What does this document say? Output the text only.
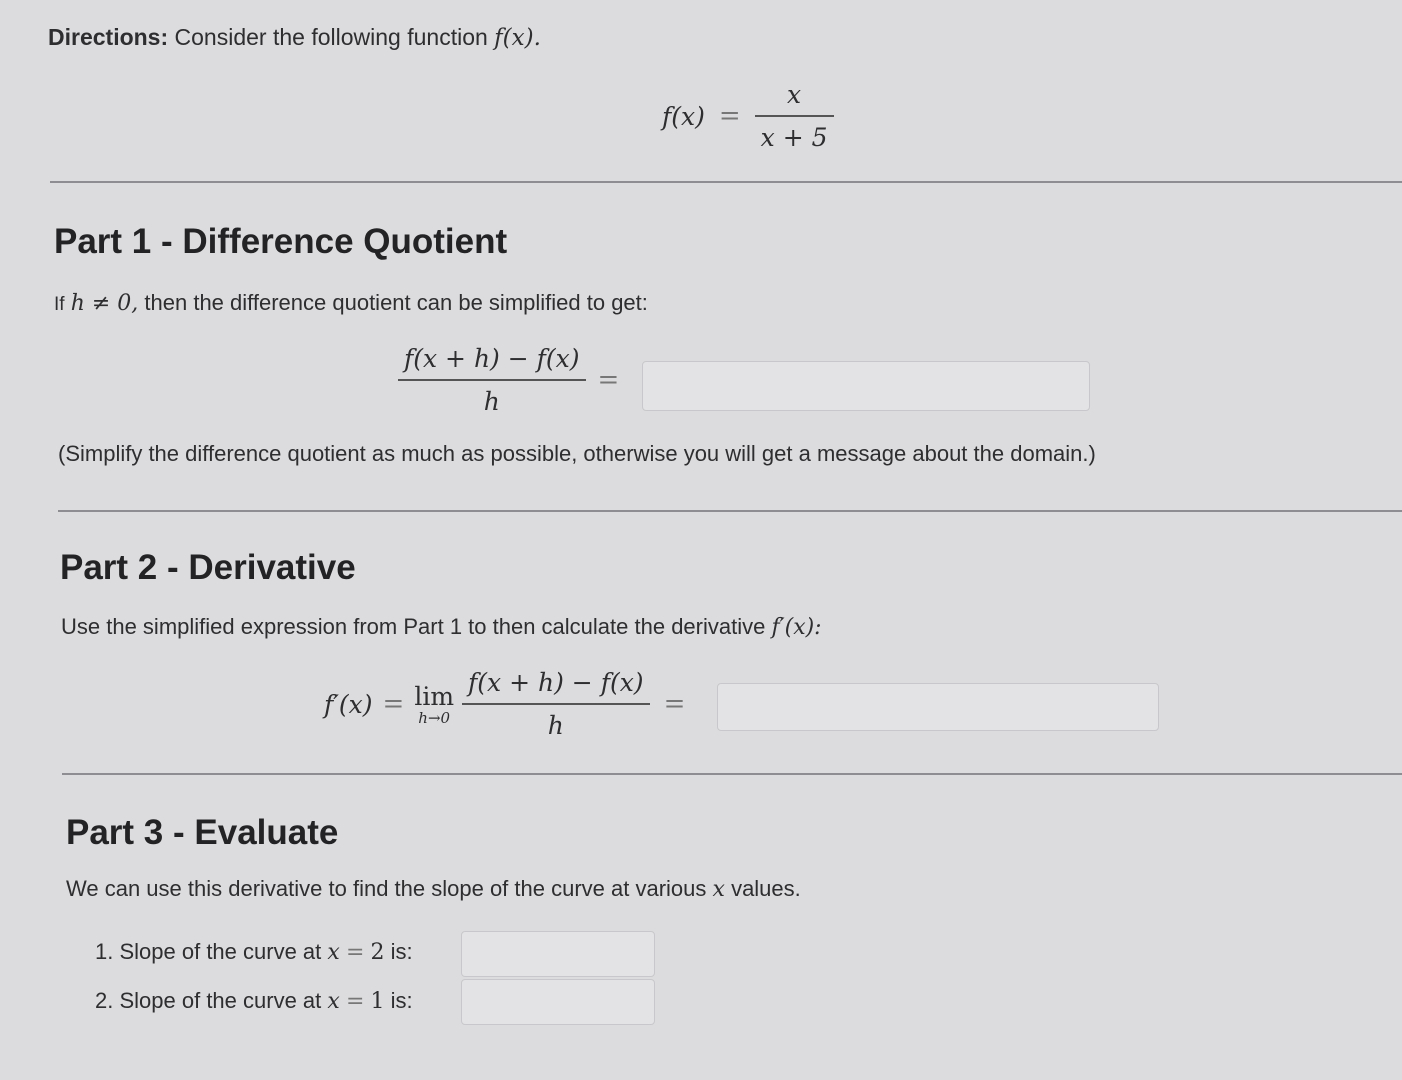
Directions: Consider the following function f(x).
$f(x) = \frac{x}{x + 5}$
Part 1 - Difference Quotient
If h ≠ 0, then the difference quotient can be simplified to get:
$\frac{f(x + h) - f(x)}{h}$ =
(Simplify the difference quotient as much as possible, otherwise you will get a message about the domain.)
Part 2 - Derivative
Use the simplified expression from Part 1 to then calculate the derivative f′(x):
f′(x) = lim
$h\to 0 \frac{f(x + h) - f(x)}{h}$ =
Part 3 - Evaluate
We can use this derivative to find the slope of the curve at various x values.
1. Slope of the curve at x = 2 is:
2. Slope of the curve at x = 1 is:
